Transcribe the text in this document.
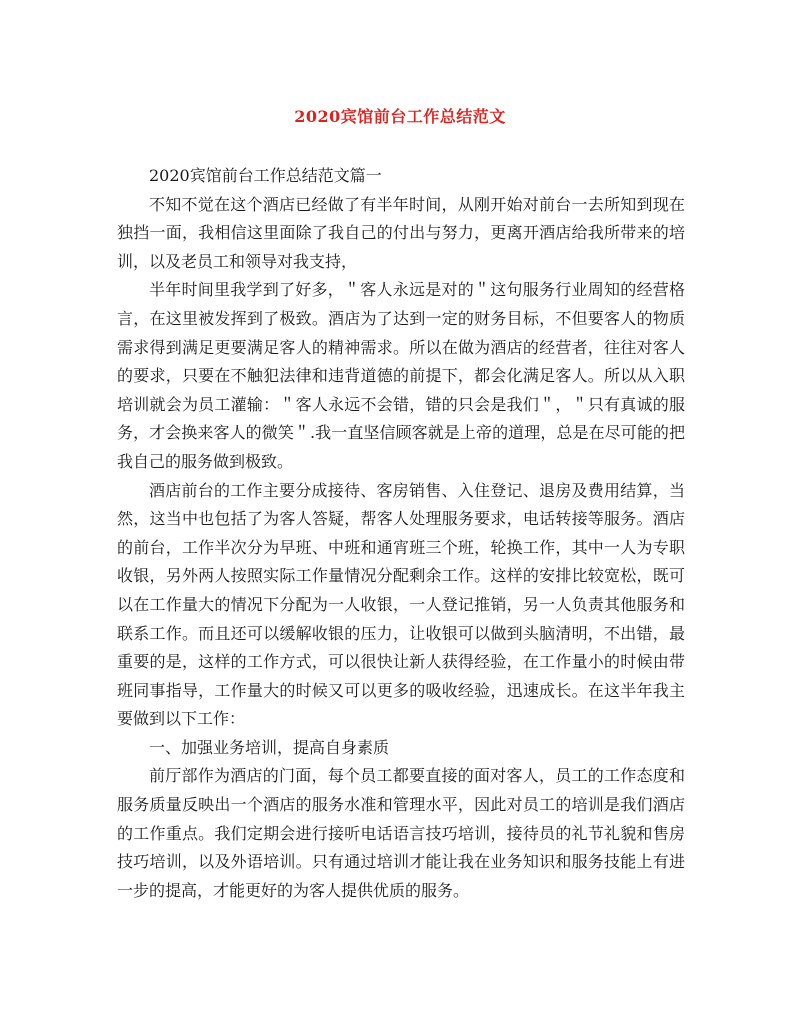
2020宾馆前台工作总结范文

2020宾馆前台工作总结范文篇一

不知不觉在这个酒店已经做了有半年时间，从刚开始对前台一去所知到现在独挡一面，我相信这里面除了我自己的付出与努力，更离开酒店给我所带来的培训，以及老员工和领导对我支持，

半年时间里我学到了好多，＂客人永远是对的＂这句服务行业周知的经营格言，在这里被发挥到了极致。酒店为了达到一定的财务目标，不但要客人的物质需求得到满足更要满足客人的精神需求。所以在做为酒店的经营者，往往对客人的要求，只要在不触犯法律和违背道德的前提下，都会化满足客人。所以从入职培训就会为员工灌输：＂客人永远不会错，错的只会是我们＂，＂只有真诚的服务，才会换来客人的微笑＂.我一直坚信顾客就是上帝的道理，总是在尽可能的把我自己的服务做到极致。

酒店前台的工作主要分成接待、客房销售、入住登记、退房及费用结算，当然，这当中也包括了为客人答疑，帮客人处理服务要求，电话转接等服务。酒店的前台，工作半次分为早班、中班和通宵班三个班，轮换工作，其中一人为专职收银，另外两人按照实际工作量情况分配剩余工作。这样的安排比较宽松，既可以在工作量大的情况下分配为一人收银，一人登记推销，另一人负责其他服务和联系工作。而且还可以缓解收银的压力，让收银可以做到头脑清明，不出错，最重要的是，这样的工作方式，可以很快让新人获得经验，在工作量小的时候由带班同事指导，工作量大的时候又可以更多的吸收经验，迅速成长。在这半年我主要做到以下工作：

一、加强业务培训，提高自身素质

前厅部作为酒店的门面，每个员工都要直接的面对客人，员工的工作态度和服务质量反映出一个酒店的服务水准和管理水平，因此对员工的培训是我们酒店的工作重点。我们定期会进行接听电话语言技巧培训，接待员的礼节礼貌和售房技巧培训，以及外语培训。只有通过培训才能让我在业务知识和服务技能上有进一步的提高，才能更好的为客人提供优质的服务。
